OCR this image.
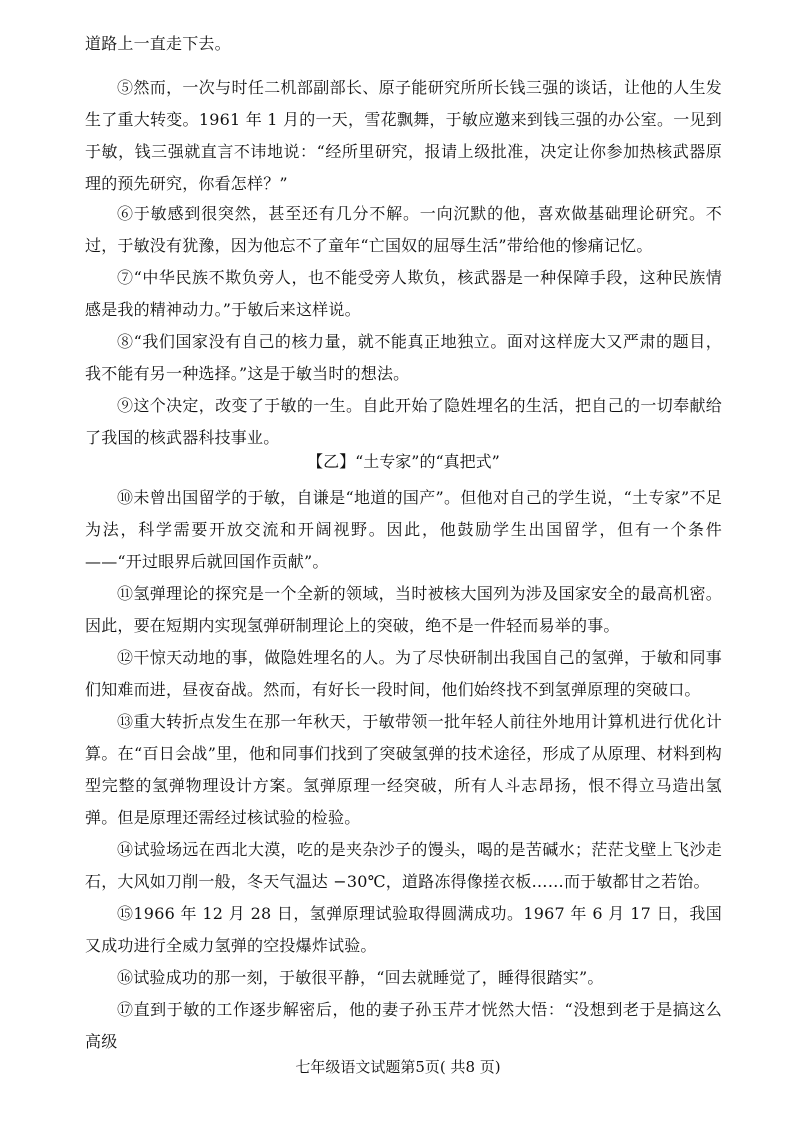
道路上一直走下去。

⑤然而，一次与时任二机部副部长、原子能研究所所长钱三强的谈话，让他的人生发生了重大转变。1961 年 1 月的一天，雪花飘舞，于敏应邀来到钱三强的办公室。一见到于敏，钱三强就直言不讳地说：“经所里研究，报请上级批准，决定让你参加热核武器原理的预先研究，你看怎样？”

⑥于敏感到很突然，甚至还有几分不解。一向沉默的他，喜欢做基础理论研究。不过，于敏没有犹豫，因为他忘不了童年“亡国奴的屈辱生活”带给他的惨痛记忆。

⑦“中华民族不欺负旁人，也不能受旁人欺负，核武器是一种保障手段，这种民族情感是我的精神动力。”于敏后来这样说。

⑧“我们国家没有自己的核力量，就不能真正地独立。面对这样庞大又严肃的题目，我不能有另一种选择。”这是于敏当时的想法。

⑨这个决定，改变了于敏的一生。自此开始了隐姓埋名的生活，把自己的一切奉献给了我国的核武器科技事业。

【乙】“土专家”的“真把式”

⑩未曾出国留学的于敏，自谦是“地道的国产”。但他对自己的学生说，“土专家”不足为法，科学需要开放交流和开阔视野。因此，他鼓励学生出国留学，但有一个条件——“开过眼界后就回国作贡献”。

⑪氢弹理论的探究是一个全新的领域，当时被核大国列为涉及国家安全的最高机密。因此，要在短期内实现氢弹研制理论上的突破，绝不是一件轻而易举的事。

⑫干惊天动地的事，做隐姓埋名的人。为了尽快研制出我国自己的氢弹，于敏和同事们知难而进，昼夜奋战。然而，有好长一段时间，他们始终找不到氢弹原理的突破口。

⑬重大转折点发生在那一年秋天，于敏带领一批年轻人前往外地用计算机进行优化计算。在“百日会战”里，他和同事们找到了突破氢弹的技术途径，形成了从原理、材料到构型完整的氢弹物理设计方案。氢弹原理一经突破，所有人斗志昂扬，恨不得立马造出氢弹。但是原理还需经过核试验的检验。

⑭试验场远在西北大漠，吃的是夹杂沙子的馒头，喝的是苦碱水；茫茫戈壁上飞沙走石，大风如刀削一般，冬天气温达 −30℃，道路冻得像搓衣板……而于敏都甘之若饴。

⑮1966 年 12 月 28 日，氢弹原理试验取得圆满成功。1967 年 6 月 17 日，我国又成功进行全威力氢弹的空投爆炸试验。

⑯试验成功的那一刻，于敏很平静，“回去就睡觉了，睡得很踏实”。

⑰直到于敏的工作逐步解密后，他的妻子孙玉芹才恍然大悟：“没想到老于是搞这么高级

七年级语文试题第5页( 共8 页)
